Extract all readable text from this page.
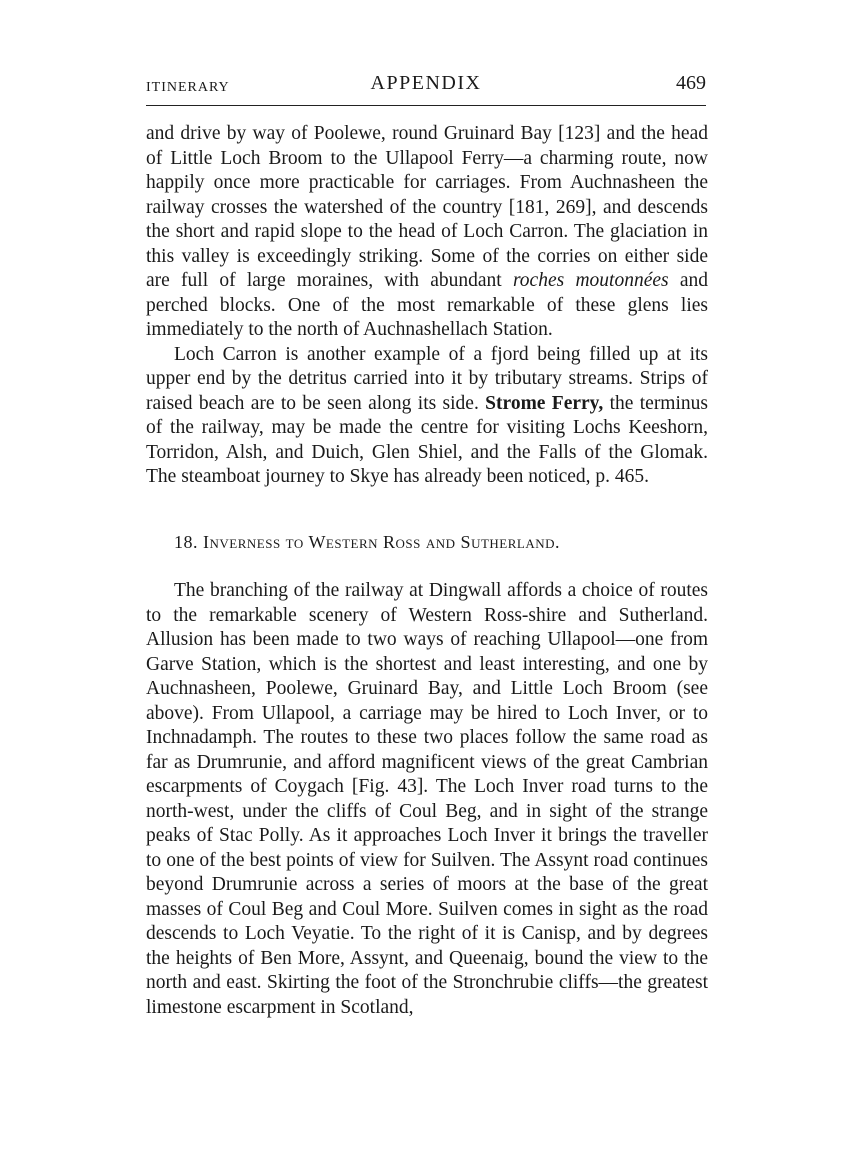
ITINERARY	APPENDIX	469

and drive by way of Poolewe, round Gruinard Bay [123] and the head of Little Loch Broom to the Ullapool Ferry—a charming route, now happily once more practicable for carriages. From Auchnasheen the railway crosses the watershed of the country [181, 269], and descends the short and rapid slope to the head of Loch Carron. The glaciation in this valley is exceedingly striking. Some of the corries on either side are full of large moraines, with abundant roches moutonnées and perched blocks. One of the most remarkable of these glens lies immediately to the north of Auchnashellach Station.

Loch Carron is another example of a fjord being filled up at its upper end by the detritus carried into it by tributary streams. Strips of raised beach are to be seen along its side. Strome Ferry, the terminus of the railway, may be made the centre for visiting Lochs Keeshorn, Torridon, Alsh, and Duich, Glen Shiel, and the Falls of the Glomak. The steamboat journey to Skye has already been noticed, p. 465.

18. Inverness to Western Ross and Sutherland.

The branching of the railway at Dingwall affords a choice of routes to the remarkable scenery of Western Ross-shire and Sutherland. Allusion has been made to two ways of reaching Ullapool—one from Garve Station, which is the shortest and least interesting, and one by Auchnasheen, Poolewe, Gruinard Bay, and Little Loch Broom (see above). From Ullapool, a carriage may be hired to Loch Inver, or to Inchnadamph. The routes to these two places follow the same road as far as Drumrunie, and afford magnificent views of the great Cambrian escarpments of Coygach [Fig. 43]. The Loch Inver road turns to the north-west, under the cliffs of Coul Beg, and in sight of the strange peaks of Stac Polly. As it approaches Loch Inver it brings the traveller to one of the best points of view for Suilven. The Assynt road continues beyond Drumrunie across a series of moors at the base of the great masses of Coul Beg and Coul More. Suilven comes in sight as the road descends to Loch Veyatie. To the right of it is Canisp, and by degrees the heights of Ben More, Assynt, and Queenaig, bound the view to the north and east. Skirting the foot of the Stronchrubie cliffs—the greatest limestone escarpment in Scotland,
